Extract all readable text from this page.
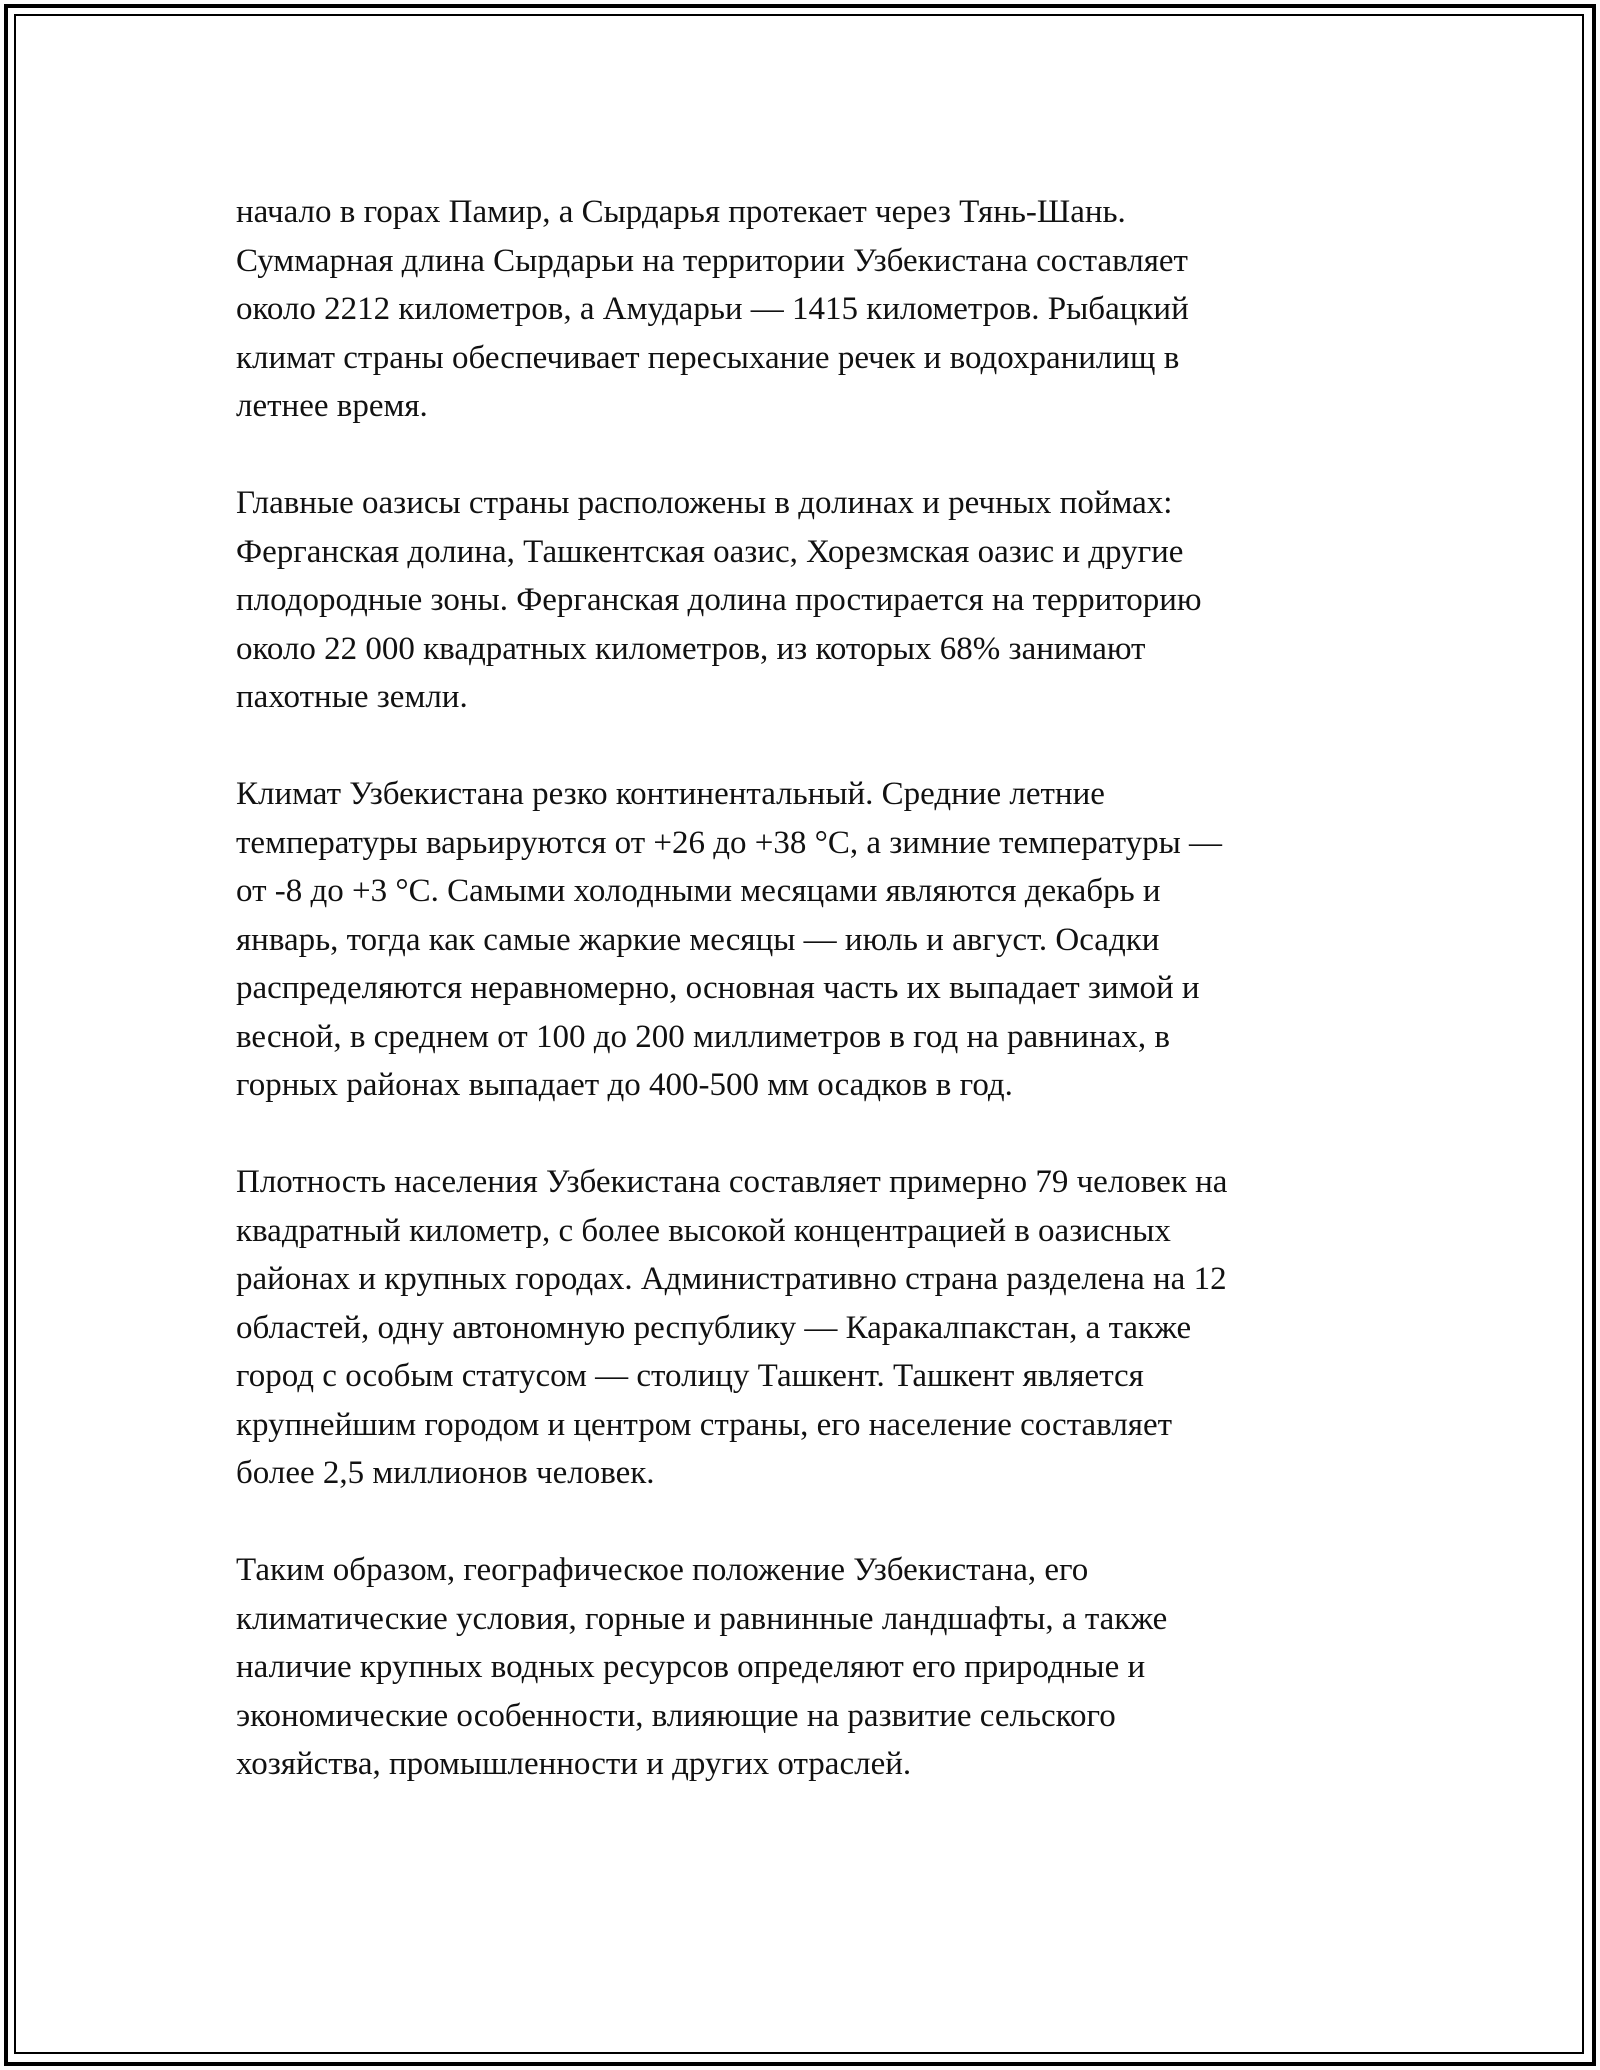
начало в горах Памир, а Сырдарья протекает через Тянь-Шань.
Суммарная длина Сырдарьи на территории Узбекистана составляет
около 2212 километров, а Амударьи — 1415 километров. Рыбацкий
климат страны обеспечивает пересыхание речек и водохранилищ в
летнее время.

Главные оазисы страны расположены в долинах и речных поймах:
Ферганская долина, Ташкентская оазис, Хорезмская оазис и другие
плодородные зоны. Ферганская долина простирается на территорию
около 22 000 квадратных километров, из которых 68% занимают
пахотные земли.

Климат Узбекистана резко континентальный. Средние летние
температуры варьируются от +26 до +38 °C, а зимние температуры —
от -8 до +3 °C. Самыми холодными месяцами являются декабрь и
январь, тогда как самые жаркие месяцы — июль и август. Осадки
распределяются неравномерно, основная часть их выпадает зимой и
весной, в среднем от 100 до 200 миллиметров в год на равнинах, в
горных районах выпадает до 400-500 мм осадков в год.

Плотность населения Узбекистана составляет примерно 79 человек на
квадратный километр, с более высокой концентрацией в оазисных
районах и крупных городах. Административно страна разделена на 12
областей, одну автономную республику — Каракалпакстан, а также
город с особым статусом — столицу Ташкент. Ташкент является
крупнейшим городом и центром страны, его население составляет
более 2,5 миллионов человек.

Таким образом, географическое положение Узбекистана, его
климатические условия, горные и равнинные ландшафты, а также
наличие крупных водных ресурсов определяют его природные и
экономические особенности, влияющие на развитие сельского
хозяйства, промышленности и других отраслей.
